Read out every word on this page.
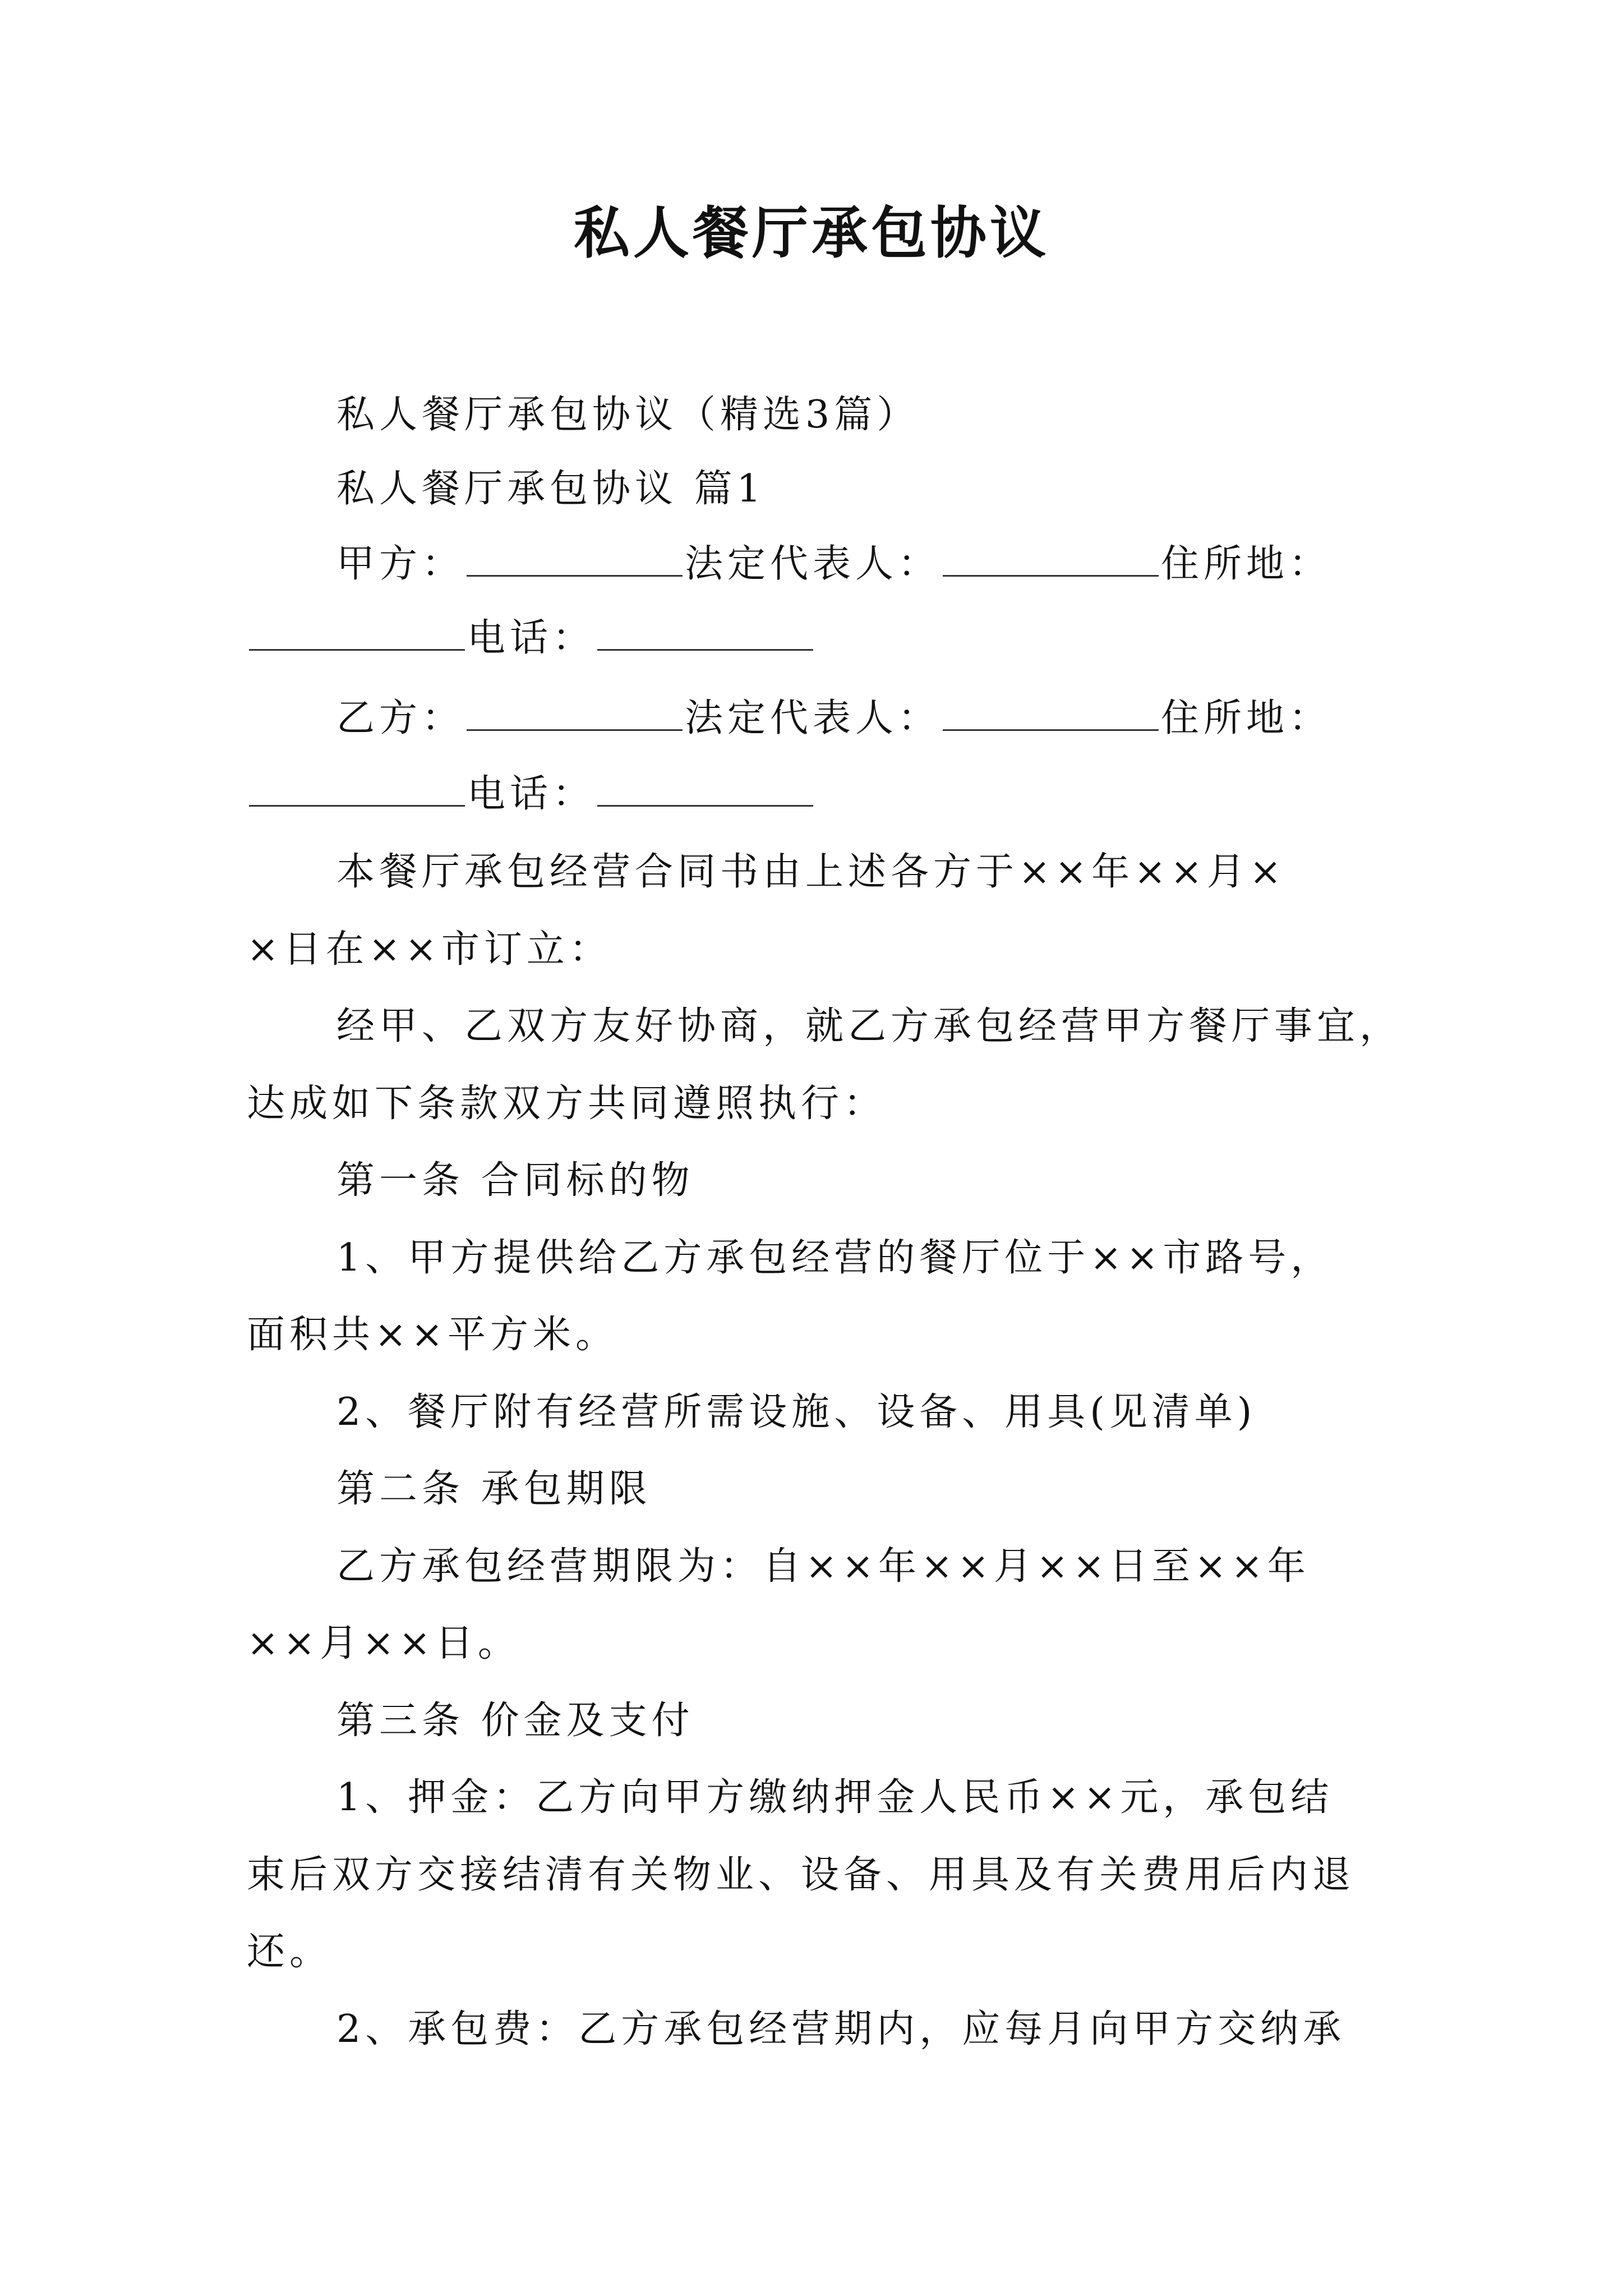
私人餐厅承包协议
私人餐厅承包协议（精选3篇）
私人餐厅承包协议 篇1
甲方：	法定代表人：	住所地：
电话：
乙方：	法定代表人：	住所地：
电话：
本餐厅承包经营合同书由上述各方于××年××月×
×日在××市订立：
经甲、乙双方友好协商，就乙方承包经营甲方餐厅事宜，
达成如下条款双方共同遵照执行：
第一条 合同标的物
1、甲方提供给乙方承包经营的餐厅位于××市路号，
面积共××平方米。
2、餐厅附有经营所需设施、设备、用具(见清单)
第二条 承包期限
乙方承包经营期限为：自××年××月××日至××年
××月××日。
第三条 价金及支付
1、押金：乙方向甲方缴纳押金人民币××元，承包结
束后双方交接结清有关物业、设备、用具及有关费用后内退
还。
2、承包费：乙方承包经营期内，应每月向甲方交纳承
